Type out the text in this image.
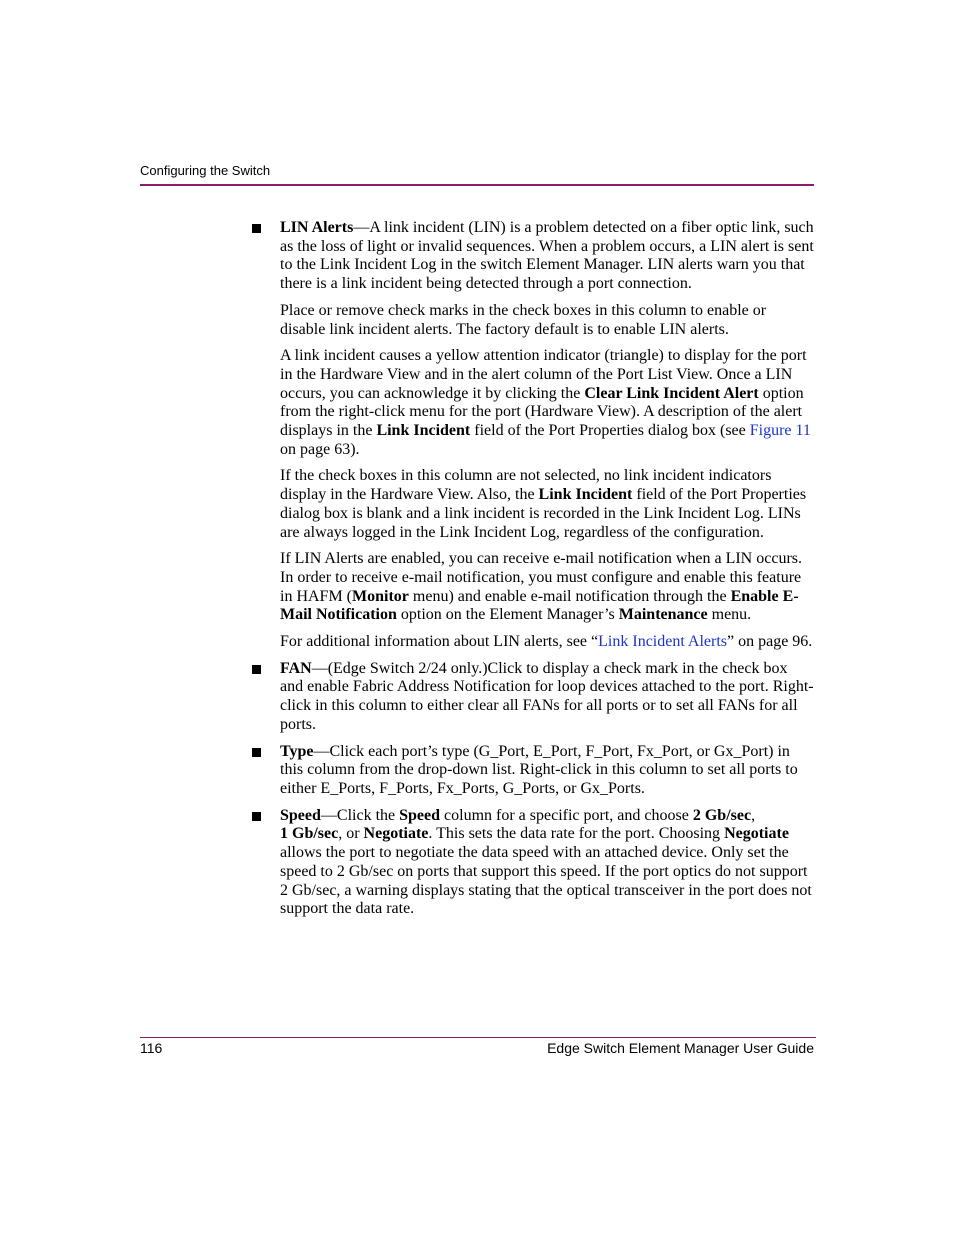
Configuring the Switch
LIN Alerts—A link incident (LIN) is a problem detected on a fiber optic link, such as the loss of light or invalid sequences. When a problem occurs, a LIN alert is sent to the Link Incident Log in the switch Element Manager. LIN alerts warn you that there is a link incident being detected through a port connection.
Place or remove check marks in the check boxes in this column to enable or disable link incident alerts. The factory default is to enable LIN alerts.
A link incident causes a yellow attention indicator (triangle) to display for the port in the Hardware View and in the alert column of the Port List View. Once a LIN occurs, you can acknowledge it by clicking the Clear Link Incident Alert option from the right-click menu for the port (Hardware View). A description of the alert displays in the Link Incident field of the Port Properties dialog box (see Figure 11 on page 63).
If the check boxes in this column are not selected, no link incident indicators display in the Hardware View. Also, the Link Incident field of the Port Properties dialog box is blank and a link incident is recorded in the Link Incident Log. LINs are always logged in the Link Incident Log, regardless of the configuration.
If LIN Alerts are enabled, you can receive e-mail notification when a LIN occurs. In order to receive e-mail notification, you must configure and enable this feature in HAFM (Monitor menu) and enable e-mail notification through the Enable E-Mail Notification option on the Element Manager’s Maintenance menu.
For additional information about LIN alerts, see “Link Incident Alerts” on page 96.
FAN—(Edge Switch 2/24 only.)Click to display a check mark in the check box and enable Fabric Address Notification for loop devices attached to the port. Right-click in this column to either clear all FANs for all ports or to set all FANs for all ports.
Type—Click each port’s type (G_Port, E_Port, F_Port, Fx_Port, or Gx_Port) in this column from the drop-down list. Right-click in this column to set all ports to either E_Ports, F_Ports, Fx_Ports, G_Ports, or Gx_Ports.
Speed—Click the Speed column for a specific port, and choose 2 Gb/sec,
1 Gb/sec, or Negotiate. This sets the data rate for the port. Choosing Negotiate allows the port to negotiate the data speed with an attached device. Only set the speed to 2 Gb/sec on ports that support this speed. If the port optics do not support 2 Gb/sec, a warning displays stating that the optical transceiver in the port does not support the data rate.
116	Edge Switch Element Manager User Guide
